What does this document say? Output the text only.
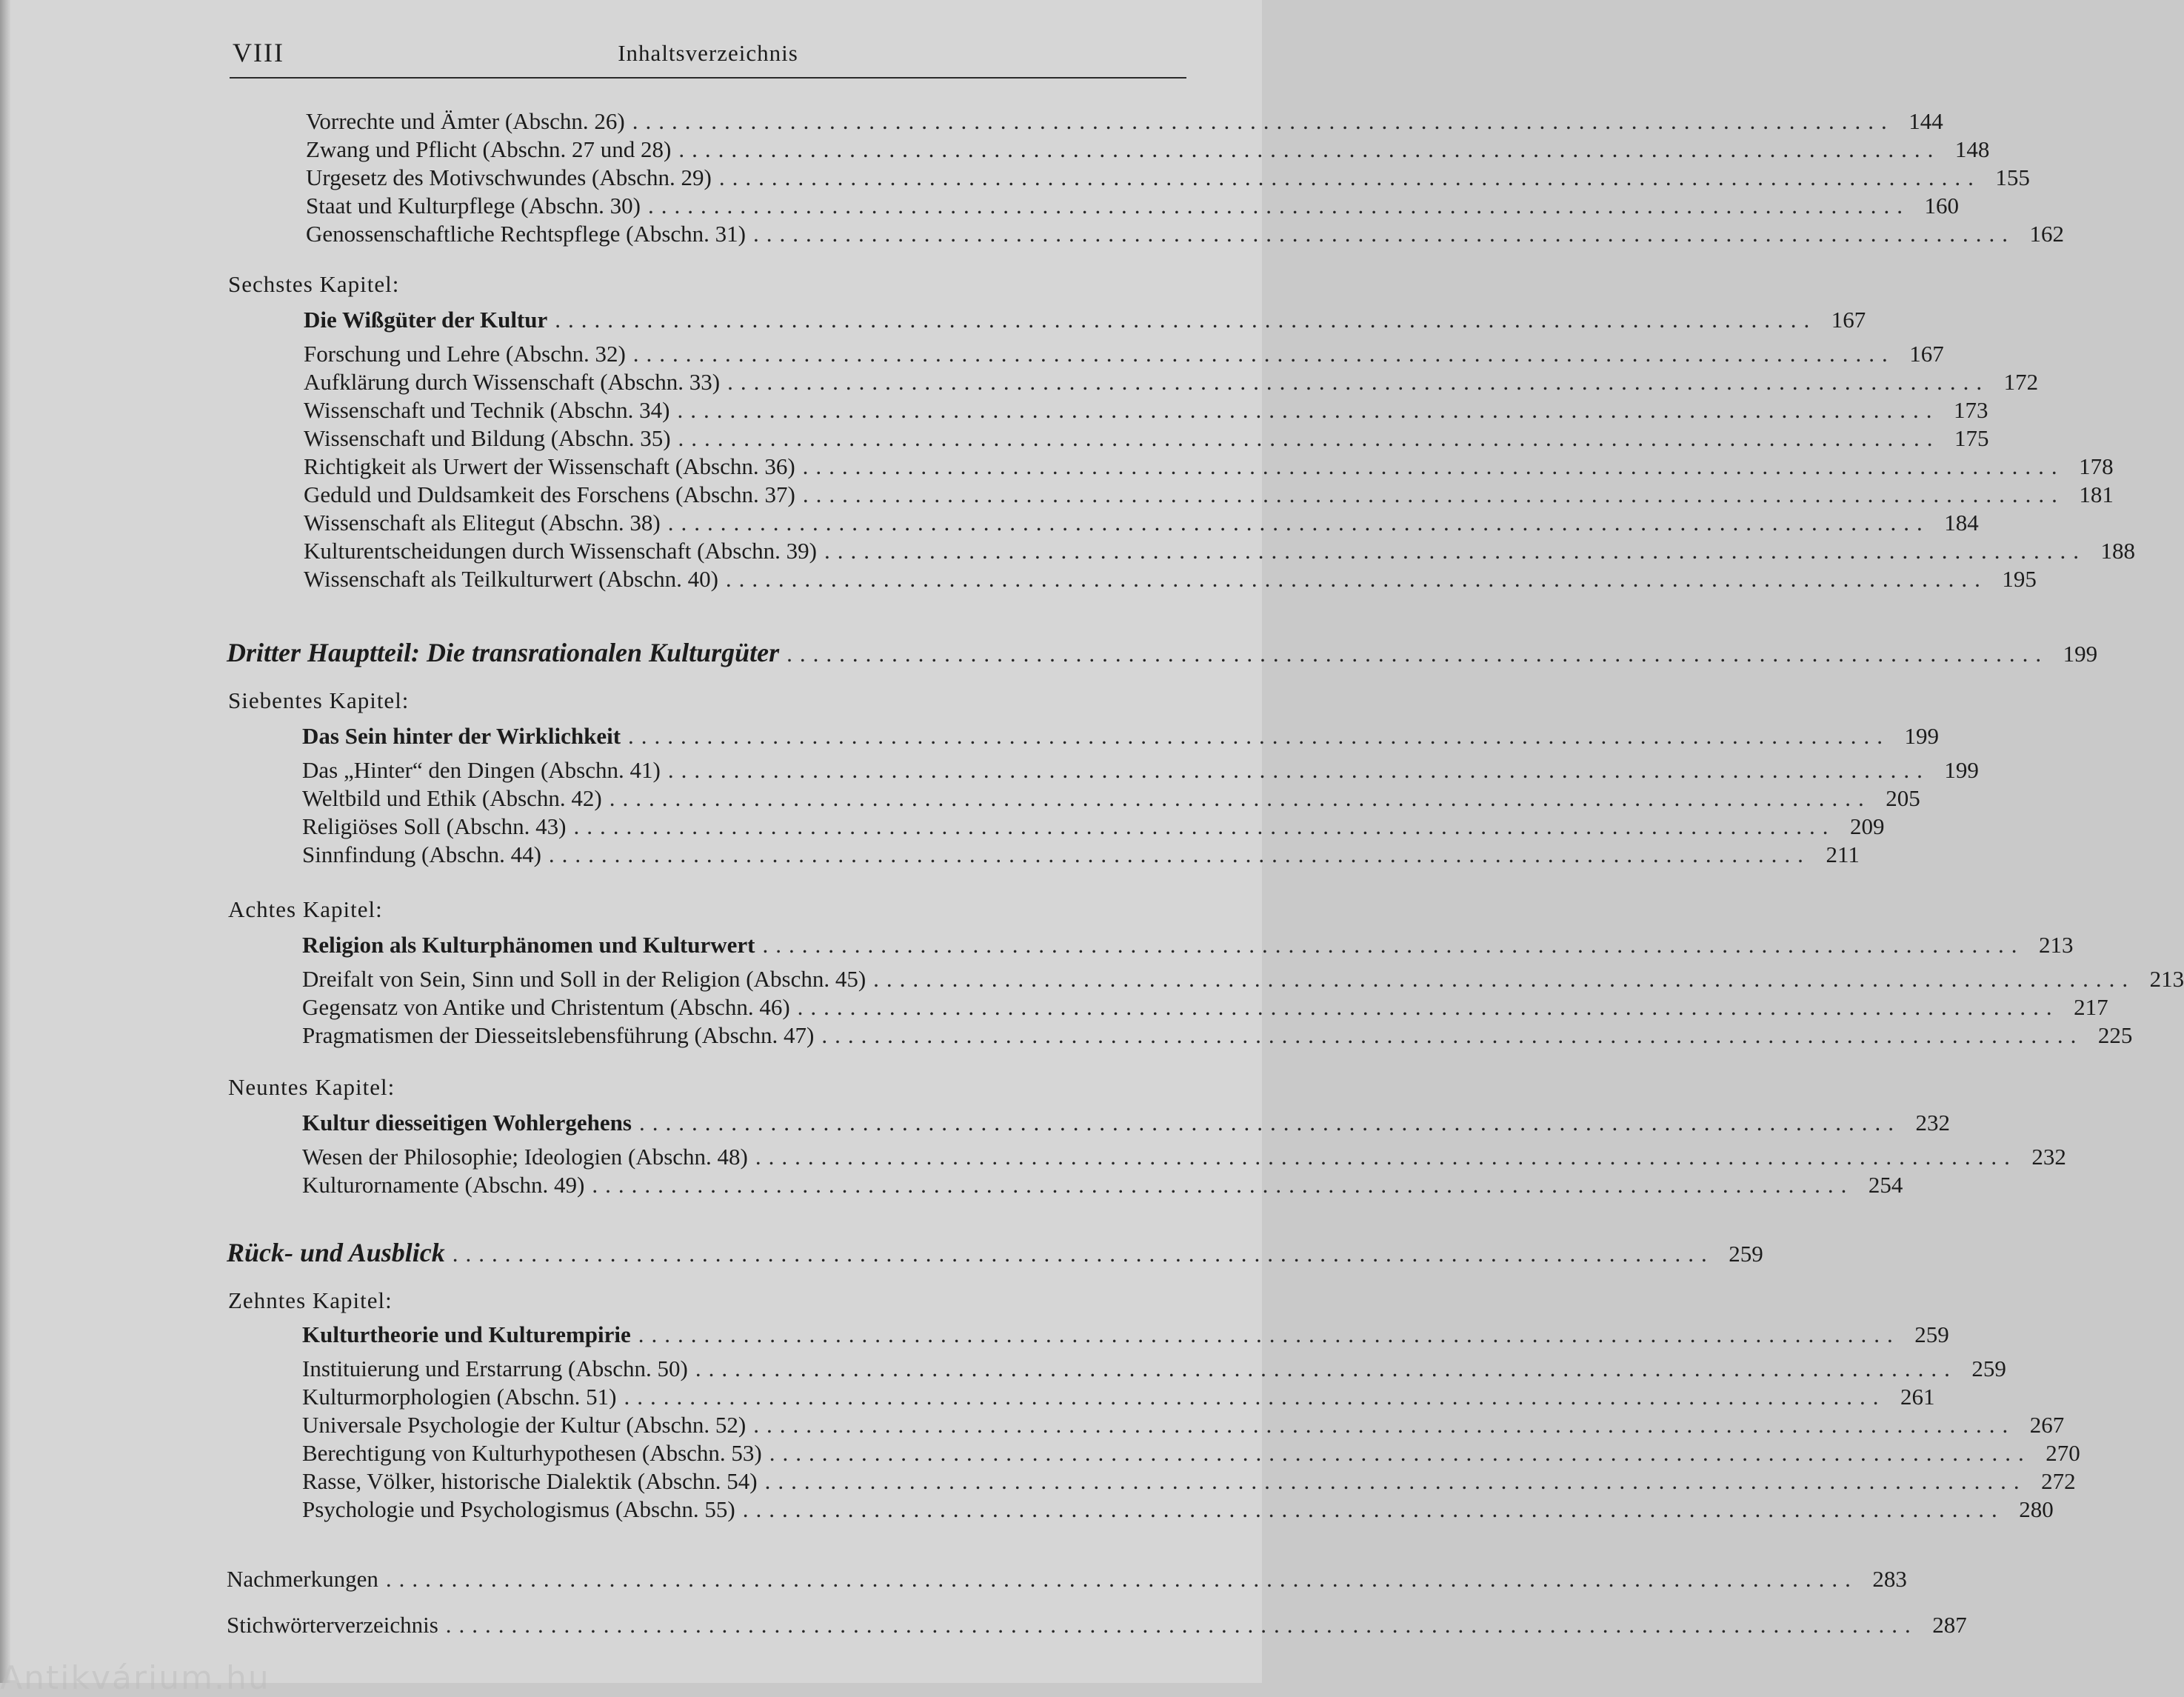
VIII	Inhaltsverzeichnis
Vorrechte und Ämter (Abschn. 26) ................................................................................................ 144
Zwang und Pflicht (Abschn. 27 und 28) ................................................................................................ 148
Urgesetz des Motivschwundes (Abschn. 29) ................................................................................................ 155
Staat und Kulturpflege (Abschn. 30) ................................................................................................ 160
Genossenschaftliche Rechtspflege (Abschn. 31) ................................................................................................ 162
Sechstes Kapitel:
Die Wißgüter der Kultur ................................................................................................ 167
Forschung und Lehre (Abschn. 32) ................................................................................................ 167
Aufklärung durch Wissenschaft (Abschn. 33) ................................................................................................ 172
Wissenschaft und Technik (Abschn. 34) ................................................................................................ 173
Wissenschaft und Bildung (Abschn. 35) ................................................................................................ 175
Richtigkeit als Urwert der Wissenschaft (Abschn. 36) ................................................................................................ 178
Geduld und Duldsamkeit des Forschens (Abschn. 37) ................................................................................................ 181
Wissenschaft als Elitegut (Abschn. 38) ................................................................................................ 184
Kulturentscheidungen durch Wissenschaft (Abschn. 39) ................................................................................................ 188
Wissenschaft als Teilkulturwert (Abschn. 40) ................................................................................................ 195
Dritter Hauptteil: Die transrationalen Kulturgüter ................................................................................................ 199
Siebentes Kapitel:
Das Sein hinter der Wirklichkeit ................................................................................................ 199
Das „Hinter“ den Dingen (Abschn. 41) ................................................................................................ 199
Weltbild und Ethik (Abschn. 42) ................................................................................................ 205
Religiöses Soll (Abschn. 43) ................................................................................................ 209
Sinnfindung (Abschn. 44) ................................................................................................ 211
Achtes Kapitel:
Religion als Kulturphänomen und Kulturwert ................................................................................................ 213
Dreifalt von Sein, Sinn und Soll in der Religion (Abschn. 45) ................................................................................................ 213
Gegensatz von Antike und Christentum (Abschn. 46) ................................................................................................ 217
Pragmatismen der Diesseitslebensführung (Abschn. 47) ................................................................................................ 225
Neuntes Kapitel:
Kultur diesseitigen Wohlergehens ................................................................................................ 232
Wesen der Philosophie; Ideologien (Abschn. 48) ................................................................................................ 232
Kulturornamente (Abschn. 49) ................................................................................................ 254
Rück- und Ausblick ................................................................................................ 259
Zehntes Kapitel:
Kulturtheorie und Kulturempirie ................................................................................................ 259
Instituierung und Erstarrung (Abschn. 50) ................................................................................................ 259
Kulturmorphologien (Abschn. 51) ................................................................................................ 261
Universale Psychologie der Kultur (Abschn. 52) ................................................................................................ 267
Berechtigung von Kulturhypothesen (Abschn. 53) ................................................................................................ 270
Rasse, Völker, historische Dialektik (Abschn. 54) ................................................................................................ 272
Psychologie und Psychologismus (Abschn. 55) ................................................................................................ 280
Nachmerkungen ................................................................................................................ 283
Stichwörterverzeichnis ................................................................................................................ 287
Antikvárium.hu
